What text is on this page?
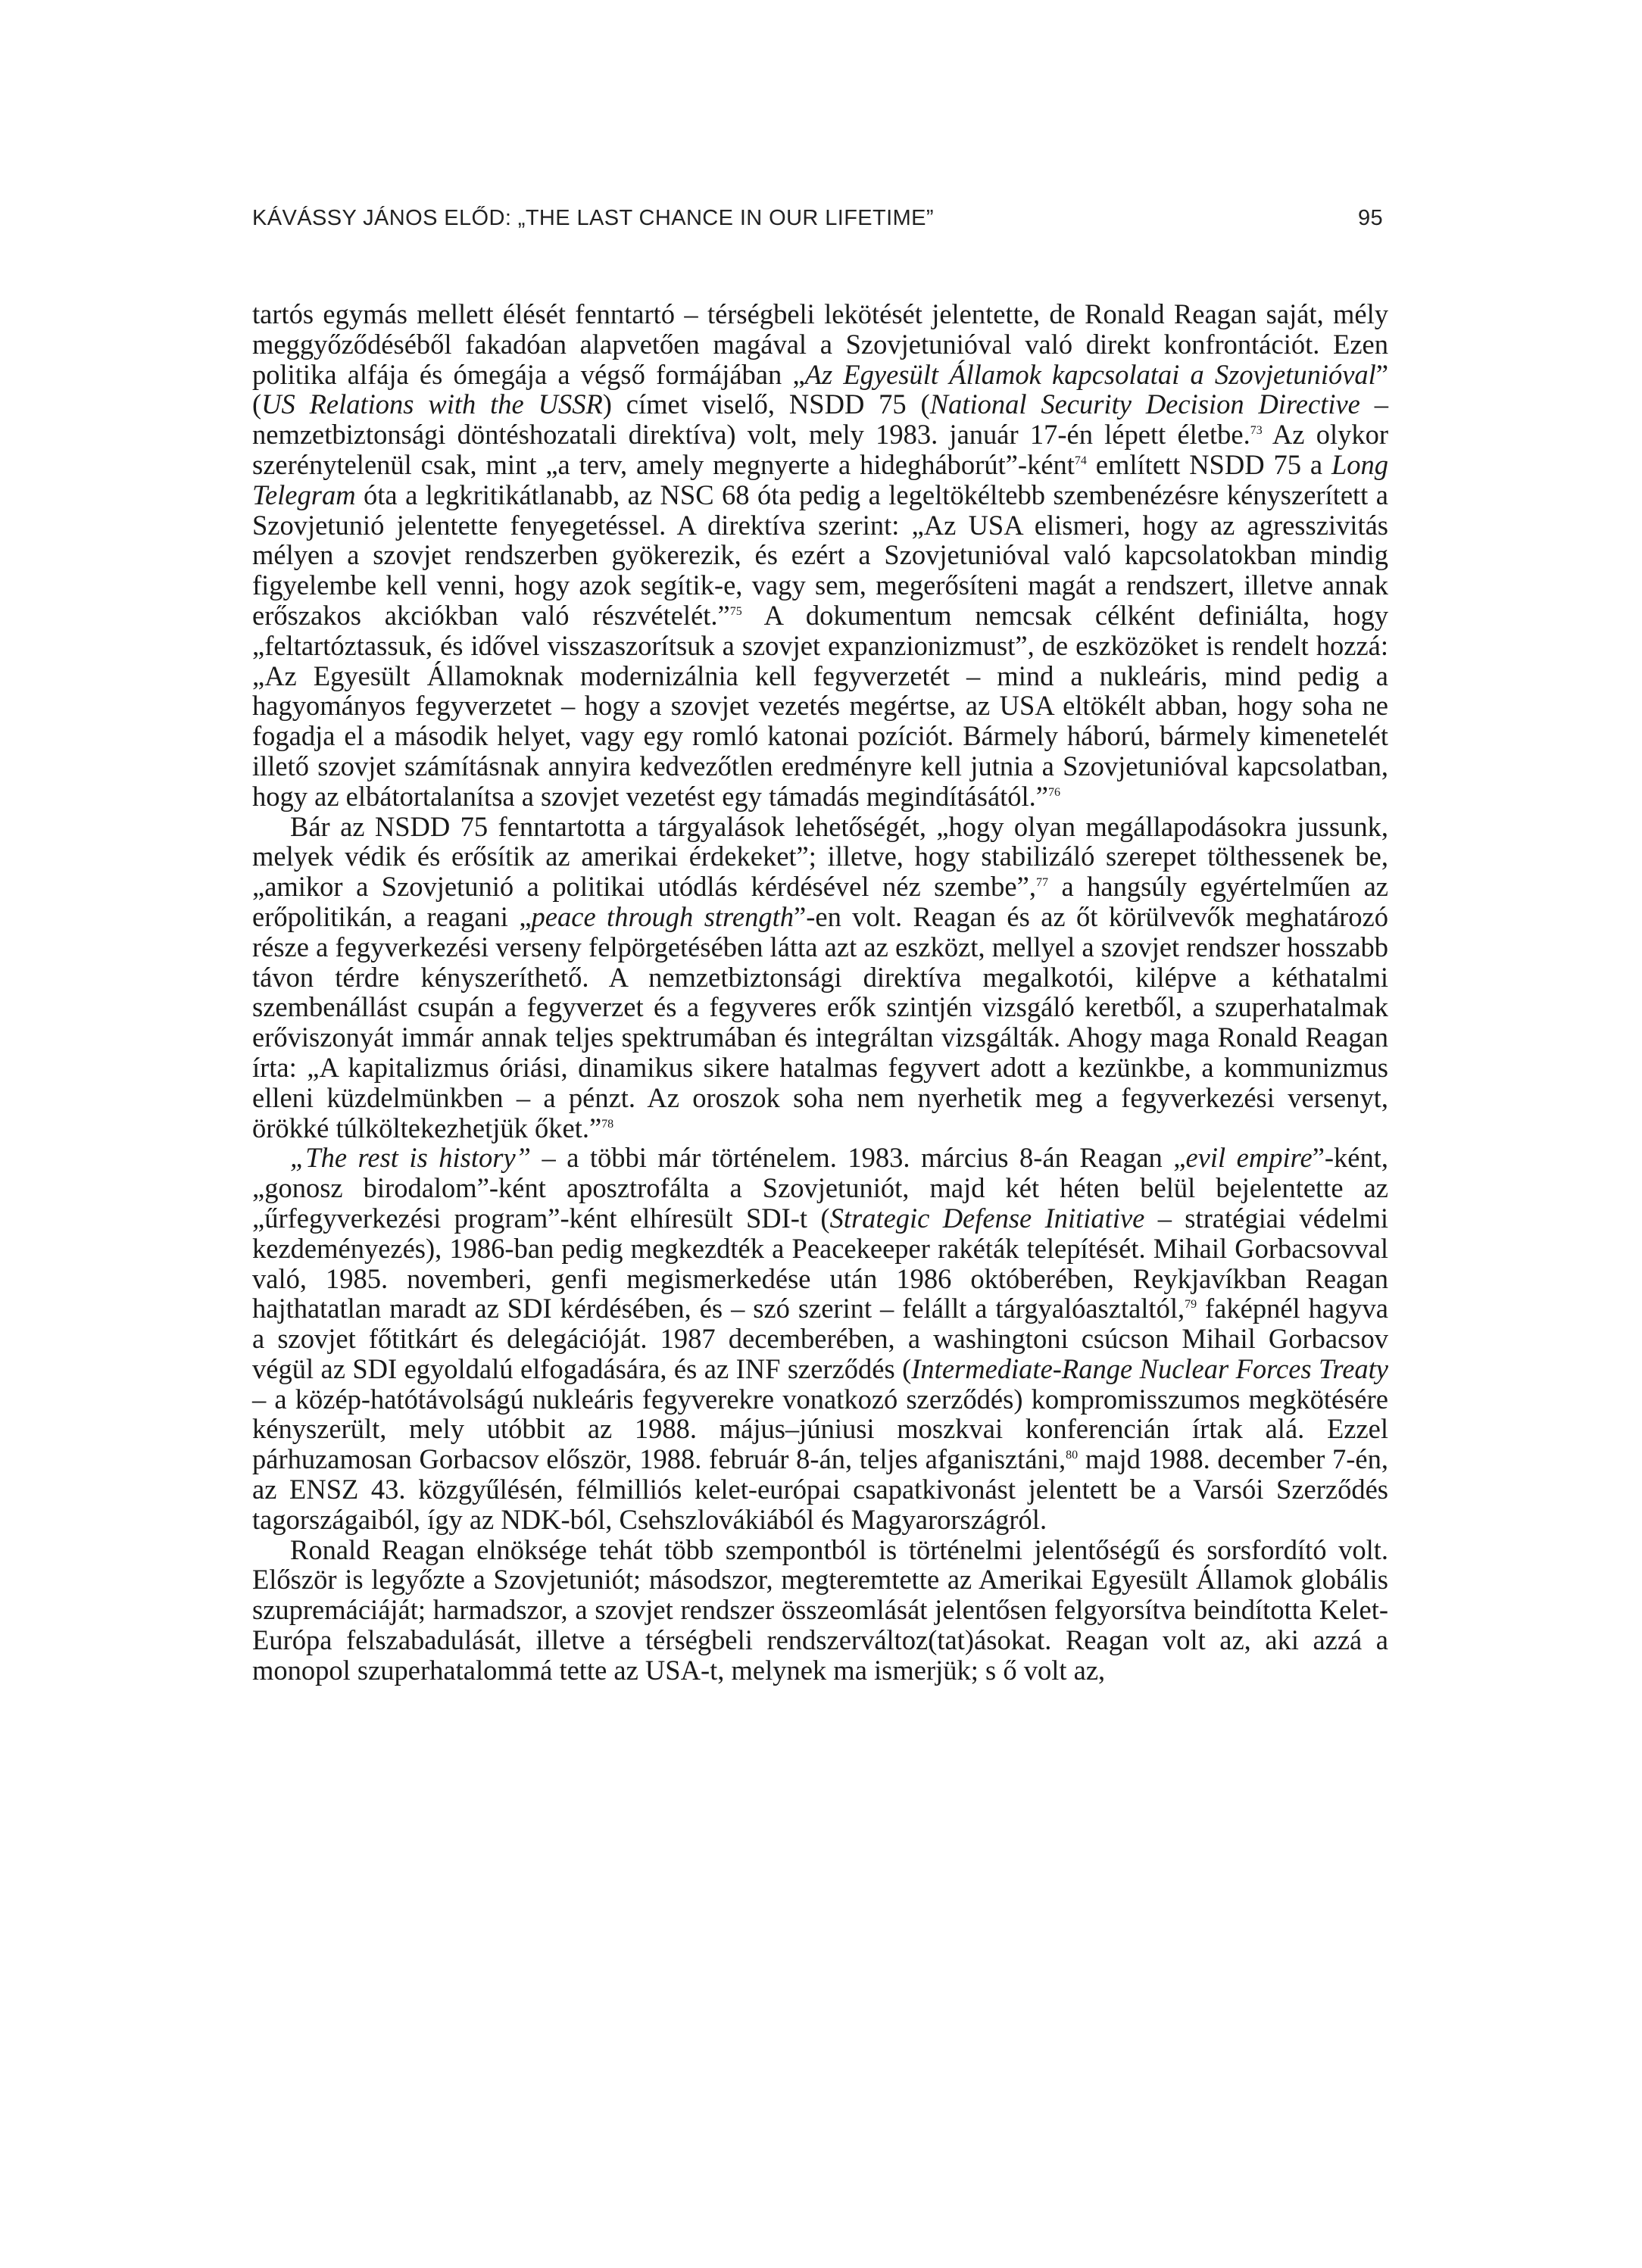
KÁVÁSSY JÁNOS ELŐD: „THE LAST CHANCE IN OUR LIFETIME”	95

tartós egymás mellett élését fenntartó – térségbeli lekötését jelentette, de Ronald Reagan saját, mély meggyőződéséből fakadóan alapvetően magával a Szovjetunióval való direkt konfrontációt. Ezen politika alfája és ómegája a végső formájában „Az Egyesült Államok kapcsolatai a Szovjetunióval” (US Relations with the USSR) címet viselő, NSDD 75 (National Security Decision Directive – nemzetbiztonsági döntéshozatali direktíva) volt, mely 1983. január 17-én lépett életbe.$^{73}$ Az olykor szerénytelenül csak, mint „a terv, amely megnyerte a hidegháborút”-ként$^{74}$ említett NSDD 75 a Long Telegram óta a legkritikátlanabb, az NSC 68 óta pedig a legeltökéltebb szembenézésre kényszerített a Szovjetunió jelentette fenyegetéssel. A direktíva szerint: „Az USA elismeri, hogy az agresszivitás mélyen a szovjet rendszerben gyökerezik, és ezért a Szovjetunióval való kapcsolatokban mindig figyelembe kell venni, hogy azok segítik-e, vagy sem, megerősíteni magát a rendszert, illetve annak erőszakos akciókban való részvételét.”$^{75}$ A dokumentum nemcsak célként definiálta, hogy „feltartóztassuk, és idővel visszaszorítsuk a szovjet expanzionizmust”, de eszközöket is rendelt hozzá: „Az Egyesült Államoknak modernizálnia kell fegyverzetét – mind a nukleáris, mind pedig a hagyományos fegyverzetet – hogy a szovjet vezetés megértse, az USA eltökélt abban, hogy soha ne fogadja el a második helyet, vagy egy romló katonai pozíciót. Bármely háború, bármely kimenetelét illető szovjet számításnak annyira kedvezőtlen eredményre kell jutnia a Szovjetunióval kapcsolatban, hogy az elbátortalanítsa a szovjet vezetést egy támadás megindításától.”$^{76}$

Bár az NSDD 75 fenntartotta a tárgyalások lehetőségét, „hogy olyan megállapodásokra jussunk, melyek védik és erősítik az amerikai érdekeket”; illetve, hogy stabilizáló szerepet tölthessenek be, „amikor a Szovjetunió a politikai utódlás kérdésével néz szembe”,$^{77}$ a hangsúly egyértelműen az erőpolitikán, a reagani „peace through strength”-en volt. Reagan és az őt körülvevők meghatározó része a fegyverkezési verseny felpörgetésében látta azt az eszközt, mellyel a szovjet rendszer hosszabb távon térdre kényszeríthető. A nemzetbiztonsági direktíva megalkotói, kilépve a kéthatalmi szembenállást csupán a fegyverzet és a fegyveres erők szintjén vizsgáló keretből, a szuperhatalmak erőviszonyát immár annak teljes spektrumában és integráltan vizsgálták. Ahogy maga Ronald Reagan írta: „A kapitalizmus óriási, dinamikus sikere hatalmas fegyvert adott a kezünkbe, a kommunizmus elleni küzdelmünkben – a pénzt. Az oroszok soha nem nyerhetik meg a fegyverkezési versenyt, örökké túlköltekezhetjük őket.”$^{78}$

„The rest is history” – a többi már történelem. 1983. március 8-án Reagan „evil empire”-ként, „gonosz birodalom”-ként aposztrofálta a Szovjetuniót, majd két héten belül bejelentette az „űrfegyverkezési program”-ként elhíresült SDI-t (Strategic Defense Initiative – stratégiai védelmi kezdeményezés), 1986-ban pedig megkezdték a Peacekeeper rakéták telepítését. Mihail Gorbacsovval való, 1985. novemberi, genfi megismerkedése után 1986 októberében, Reykjavíkban Reagan hajthatatlan maradt az SDI kérdésében, és – szó szerint – felállt a tárgyalóasztaltól,$^{79}$ faképnél hagyva a szovjet főtitkárt és delegációját. 1987 decemberében, a washingtoni csúcson Mihail Gorbacsov végül az SDI egyoldalú elfogadására, és az INF szerződés (Intermediate-Range Nuclear Forces Treaty – a közép-hatótávolságú nukleáris fegyverekre vonatkozó szerződés) kompromisszumos megkötésére kényszerült, mely utóbbit az 1988. május–júniusi moszkvai konferencián írtak alá. Ezzel párhuzamosan Gorbacsov először, 1988. február 8-án, teljes afganisztáni,$^{80}$ majd 1988. december 7-én, az ENSZ 43. közgyűlésén, félmilliós kelet-európai csapatkivonást jelentett be a Varsói Szerződés tagországaiból, így az NDK-ból, Csehszlovákiából és Magyarországról.

Ronald Reagan elnöksége tehát több szempontból is történelmi jelentőségű és sorsfordító volt. Először is legyőzte a Szovjetuniót; másodszor, megteremtette az Amerikai Egyesült Államok globális szupremáciáját; harmadszor, a szovjet rendszer összeomlását jelentősen felgyorsítva beindította Kelet-Európa felszabadulását, illetve a térségbeli rendszerváltoz(tat)ásokat. Reagan volt az, aki azzá a monopol szuperhatalommá tette az USA-t, melynek ma ismerjük; s ő volt az,
